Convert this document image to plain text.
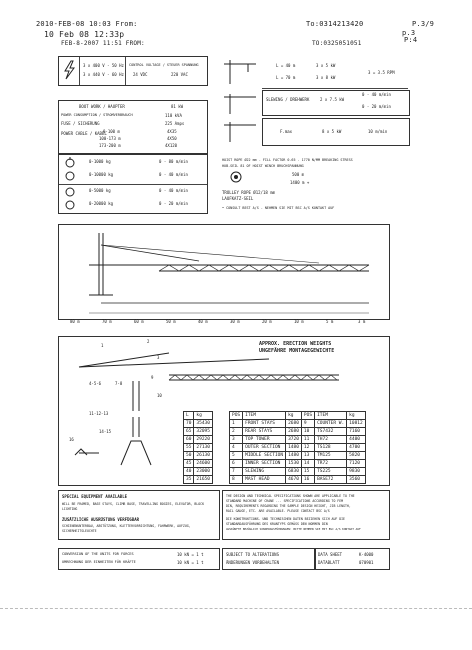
2010-FEB-08 10:03 From:	To:0314213420	P.3/9
10 Feb 08 12:33p	p.3
FEB-8-2007 11:51 FROM:	TO:0325051051	P:4
3 x 400 V - 50 Hz
3 x 440 V - 60 Hz
CONTROL VOLTAGE / STEUER SPANNUNG
24 VDC	220 VAC
L = 40 m	3 x 5 kW
L = 70 m	3 x 8 kW
3 = 3.5 RPM
SLEWING / DREHWERK	2 x 7.5 kW
0 - 40 m/min
0 - 20 m/min
F.max	8 x 5 kW	10 m/min
BOOT WORK / HAUPTER	81 kW
POWER CONSUMPTION / STROMVERBRAUCH	110 kVA
FUSE / SICHERUNG	225 Amps
POWER CABLE / KABEL
0-100 m	4X35
100-173 m	4X50
173-200 m	4X120
0-1000 kg	0 - 80 m/min
0-10000 kg	0 - 40 m/min
0-5000 kg	0 - 40 m/min
0-20000 kg	0 - 20 m/min
HOIST ROPE Ø22 mm - FILL FACTOR 0.65 - 1770 N/MM BREAKING STRESS
HUB-SEIL 81 OF HOIST WINCH BRUCHSPANNUNG
500 m
1400 m +
TROLLEY ROPE Ø12/18 mm
LAUFKATZ-SEIL
• CONSULT BEST A/S - NEHMEN SIE MIT BSC A/S KONTAKT AUF
80 m	70 m	60 m	50 m	40 m	30 m	20 m	10 m	5 m	3 m
APPROX. ERECTION WEIGHTS
UNGEFÄHRE MONTAGEGEWICHTE
1
2
3
4-5-6	7-8
9
10
11-12-13
14-15
16
L	kg
70	35430
65	32095
60	29220
55	27130
50	26130
45	24600
40	23000
35	21650
POS	ITEM	kg	POS	ITEM	kg
1	FRONT STAYS	2680	9	COUNTER W.	10812
2	REAR STAYS	2680	10	TS7432	7160
3	TOP TOWER	3720	11	TH72	4400
4	OUTER SECTION	1480	12	TS128	4700
5	MIDDLE SECTION	1480	13	TM125	5820
6	INNER SECTION	1530	14	TR72	7120
7	SLEWING	6830	15	TS225	9830
8	MAST HEAD	4670	16	BASE72	3560
SPECIAL EQUIPMENT AVAILABLE
WILL BE FRAMED, BASE STAYS, CLIMB BASE, TRAVELLING BOGIES, ELEVATOR, BLOCK LIGHTING
ZUSÄTZLICHE AUSRÜSTUNG VERFÜGBAR
SCHIENENUNTERBAU, ABSTÜTZUNG, KLETTERVORRICHTUNG, FAHRWERK, AUFZUG, SICHERHEITSLEUCHTE
THE DESIGN AND TECHNICAL SPECIFICATIONS SHOWN ARE APPLICABLE TO THE
STANDARD MACHINE OF CRANE ... SPECIFICATIONS ACCORDING TO FEM
DIN, REQUIREMENTS REGARDING THE SAMPLE DESIGN HEIGHT, JIB LENGTH,
RAIL GAUGE, ETC. ARE AVAILABLE. PLEASE CONTACT BSC A/S
DIE KONSTRUKTIONS- UND TECHNISCHEN DATEN BEZIEHEN SICH AUF DIE
STANDARDAUSFÜHRUNG DES KRANTYPS GEMÄSS DEN NORMEN DIN
AUSKÜNFTE BEZÜGLICH SONDERAUSFÜHRUNGEN: BITTE NEHMEN SIE MIT BSC A/S KONTAKT AUF
CONVERSION OF THE UNITS FOR FORCES	10 kN = 1 t
UMRECHNUNG DER EINHEITEN FÜR KRÄFTE	10 kN = 1 t
SUBJECT TO ALTERATIONS
ÄNDERUNGEN VORBEHALTEN
DATA SHEET	K-4000
DATABLATT	070901
